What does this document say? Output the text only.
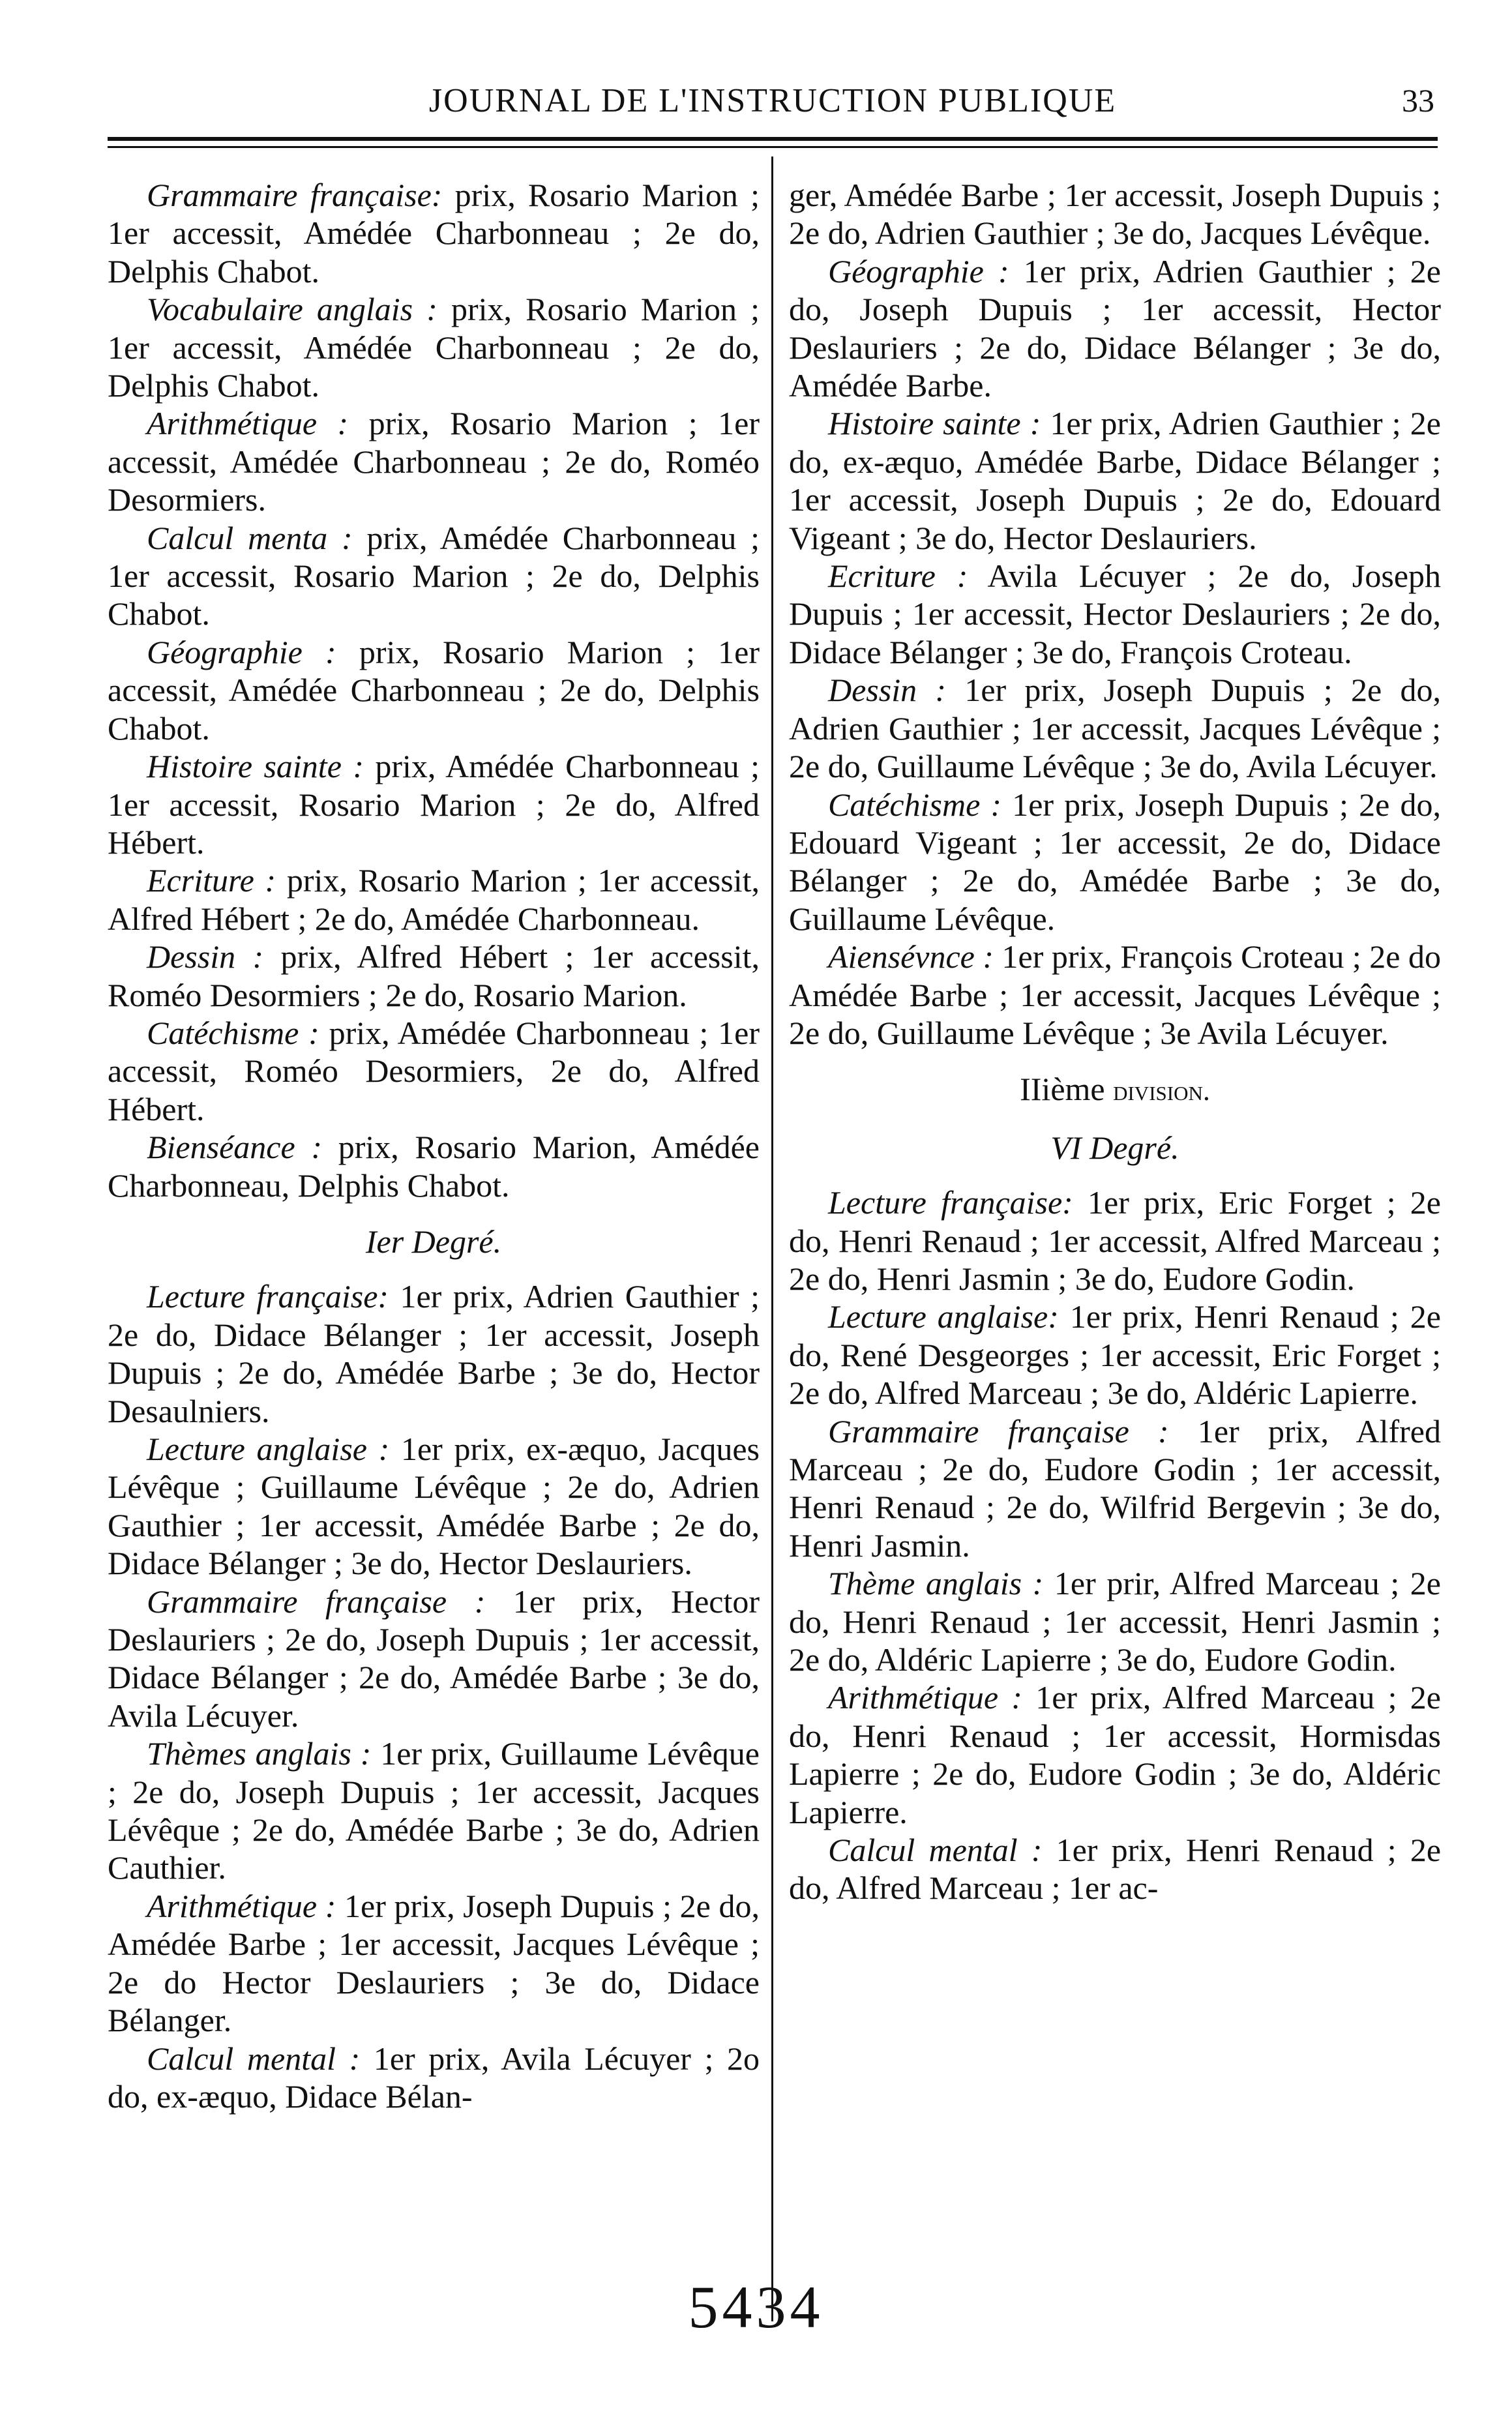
JOURNAL DE L'INSTRUCTION PUBLIQUE	33

Grammaire française: prix, Rosario Marion ; 1er accessit, Amédée Charbonneau ; 2e do, Delphis Chabot.

Vocabulaire anglais : prix, Rosario Marion ; 1er accessit, Amédée Charbonneau ; 2e do, Delphis Chabot.

Arithmétique : prix, Rosario Marion ; 1er accessit, Amédée Charbonneau ; 2e do, Roméo Desormiers.

Calcul menta : prix, Amédée Charbonneau ; 1er accessit, Rosario Marion ; 2e do, Delphis Chabot.

Géographie : prix, Rosario Marion ; 1er accessit, Amédée Charbonneau ; 2e do, Delphis Chabot.

Histoire sainte : prix, Amédée Charbonneau ; 1er accessit, Rosario Marion ; 2e do, Alfred Hébert.

Ecriture : prix, Rosario Marion ; 1er accessit, Alfred Hébert ; 2e do, Amédée Charbonneau.

Dessin : prix, Alfred Hébert ; 1er accessit, Roméo Desormiers ; 2e do, Rosario Marion.

Catéchisme : prix, Amédée Charbonneau ; 1er accessit, Roméo Desormiers, 2e do, Alfred Hébert.

Bienséance : prix, Rosario Marion, Amédée Charbonneau, Delphis Chabot.

Ier Degré.

Lecture française: 1er prix, Adrien Gauthier ; 2e do, Didace Bélanger ; 1er accessit, Joseph Dupuis ; 2e do, Amédée Barbe ; 3e do, Hector Desaulniers.

Lecture anglaise : 1er prix, ex-æquo, Jacques Lévêque ; Guillaume Lévêque ; 2e do, Adrien Gauthier ; 1er accessit, Amédée Barbe ; 2e do, Didace Bélanger ; 3e do, Hector Deslauriers.

Grammaire française : 1er prix, Hector Deslauriers ; 2e do, Joseph Dupuis ; 1er accessit, Didace Bélanger ; 2e do, Amédée Barbe ; 3e do, Avila Lécuyer.

Thèmes anglais : 1er prix, Guillaume Lévêque ; 2e do, Joseph Dupuis ; 1er accessit, Jacques Lévêque ; 2e do, Amédée Barbe ; 3e do, Adrien Cauthier.

Arithmétique : 1er prix, Joseph Dupuis ; 2e do, Amédée Barbe ; 1er accessit, Jacques Lévêque ; 2e do Hector Deslauriers ; 3e do, Didace Bélanger.

Calcul mental : 1er prix, Avila Lécuyer ; 2o do, ex-æquo, Didace Bélan-

ger, Amédée Barbe ; 1er accessit, Joseph Dupuis ; 2e do, Adrien Gauthier ; 3e do, Jacques Lévêque.

Géographie : 1er prix, Adrien Gauthier ; 2e do, Joseph Dupuis ; 1er accessit, Hector Deslauriers ; 2e do, Didace Bélanger ; 3e do, Amédée Barbe.

Histoire sainte : 1er prix, Adrien Gauthier ; 2e do, ex-æquo, Amédée Barbe, Didace Bélanger ; 1er accessit, Joseph Dupuis ; 2e do, Edouard Vigeant ; 3e do, Hector Deslauriers.

Ecriture : Avila Lécuyer ; 2e do, Joseph Dupuis ; 1er accessit, Hector Deslauriers ; 2e do, Didace Bélanger ; 3e do, François Croteau.

Dessin : 1er prix, Joseph Dupuis ; 2e do, Adrien Gauthier ; 1er accessit, Jacques Lévêque ; 2e do, Guillaume Lévêque ; 3e do, Avila Lécuyer.

Catéchisme : 1er prix, Joseph Dupuis ; 2e do, Edouard Vigeant ; 1er accessit, 2e do, Didace Bélanger ; 2e do, Amédée Barbe ; 3e do, Guillaume Lévêque.

Aiensévnce : 1er prix, François Croteau ; 2e do Amédée Barbe ; 1er accessit, Jacques Lévêque ; 2e do, Guillaume Lévêque ; 3e Avila Lécuyer.

IIième division.
VI Degré.

Lecture française: 1er prix, Eric Forget ; 2e do, Henri Renaud ; 1er accessit, Alfred Marceau ; 2e do, Henri Jasmin ; 3e do, Eudore Godin.

Lecture anglaise: 1er prix, Henri Renaud ; 2e do, René Desgeorges ; 1er accessit, Eric Forget ; 2e do, Alfred Marceau ; 3e do, Aldéric Lapierre.

Grammaire française : 1er prix, Alfred Marceau ; 2e do, Eudore Godin ; 1er accessit, Henri Renaud ; 2e do, Wilfrid Bergevin ; 3e do, Henri Jasmin.

Thème anglais : 1er prir, Alfred Marceau ; 2e do, Henri Renaud ; 1er accessit, Henri Jasmin ; 2e do, Aldéric Lapierre ; 3e do, Eudore Godin.

Arithmétique : 1er prix, Alfred Marceau ; 2e do, Henri Renaud ; 1er accessit, Hormisdas Lapierre ; 2e do, Eudore Godin ; 3e do, Aldéric Lapierre.

Calcul mental : 1er prix, Henri Renaud ; 2e do, Alfred Marceau ; 1er ac-

5434
